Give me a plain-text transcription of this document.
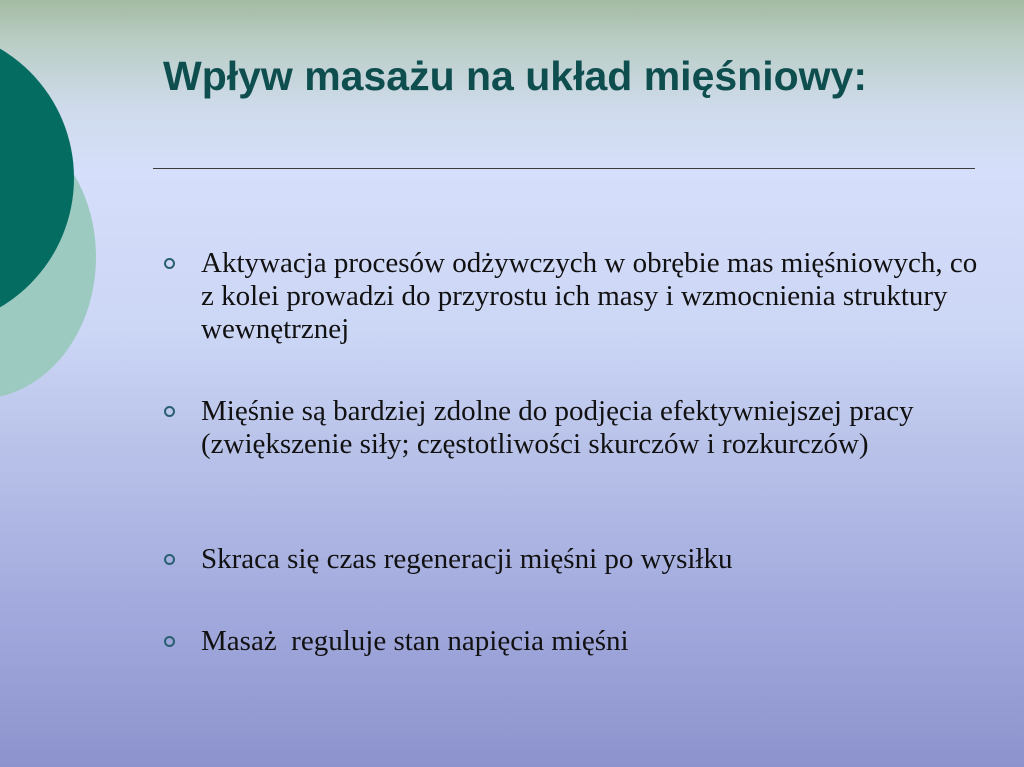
Wpływ masażu na układ mięśniowy:
Aktywacja procesów odżywczych w obrębie mas mięśniowych, co z kolei prowadzi do przyrostu ich masy i wzmocnienia struktury wewnętrznej
Mięśnie są bardziej zdolne do podjęcia efektywniejszej pracy (zwiększenie siły; częstotliwości skurczów i rozkurczów)
Skraca się czas regeneracji mięśni po wysiłku
Masaż  reguluje stan napięcia mięśni
